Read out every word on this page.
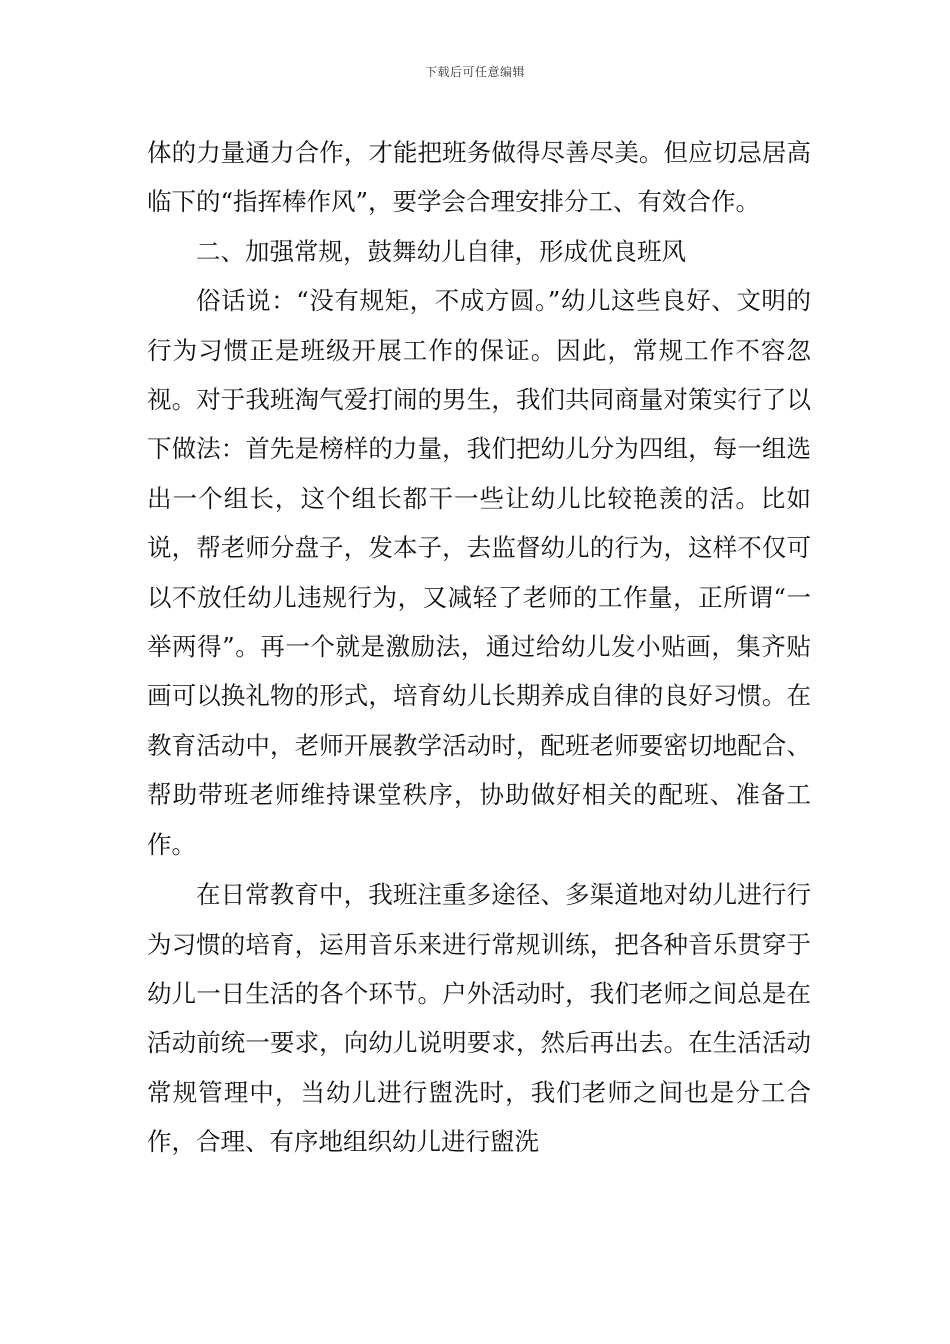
下载后可任意编辑

体的力量通力合作，才能把班务做得尽善尽美。但应切忌居高临下的“指挥棒作风”，要学会合理安排分工、有效合作。

二、加强常规，鼓舞幼儿自律，形成优良班风

俗话说：“没有规矩，不成方圆。”幼儿这些良好、文明的行为习惯正是班级开展工作的保证。因此，常规工作不容忽视。对于我班淘气爱打闹的男生，我们共同商量对策实行了以下做法：首先是榜样的力量，我们把幼儿分为四组，每一组选出一个组长，这个组长都干一些让幼儿比较艳羡的活。比如说，帮老师分盘子，发本子，去监督幼儿的行为，这样不仅可以不放任幼儿违规行为，又减轻了老师的工作量，正所谓“一举两得”。再一个就是激励法，通过给幼儿发小贴画，集齐贴画可以换礼物的形式，培育幼儿长期养成自律的良好习惯。在教育活动中，老师开展教学活动时，配班老师要密切地配合、帮助带班老师维持课堂秩序，协助做好相关的配班、准备工作。

在日常教育中，我班注重多途径、多渠道地对幼儿进行行为习惯的培育，运用音乐来进行常规训练，把各种音乐贯穿于幼儿一日生活的各个环节。户外活动时，我们老师之间总是在活动前统一要求，向幼儿说明要求，然后再出去。在生活活动常规管理中，当幼儿进行盥洗时，我们老师之间也是分工合作，合理、有序地组织幼儿进行盥洗
